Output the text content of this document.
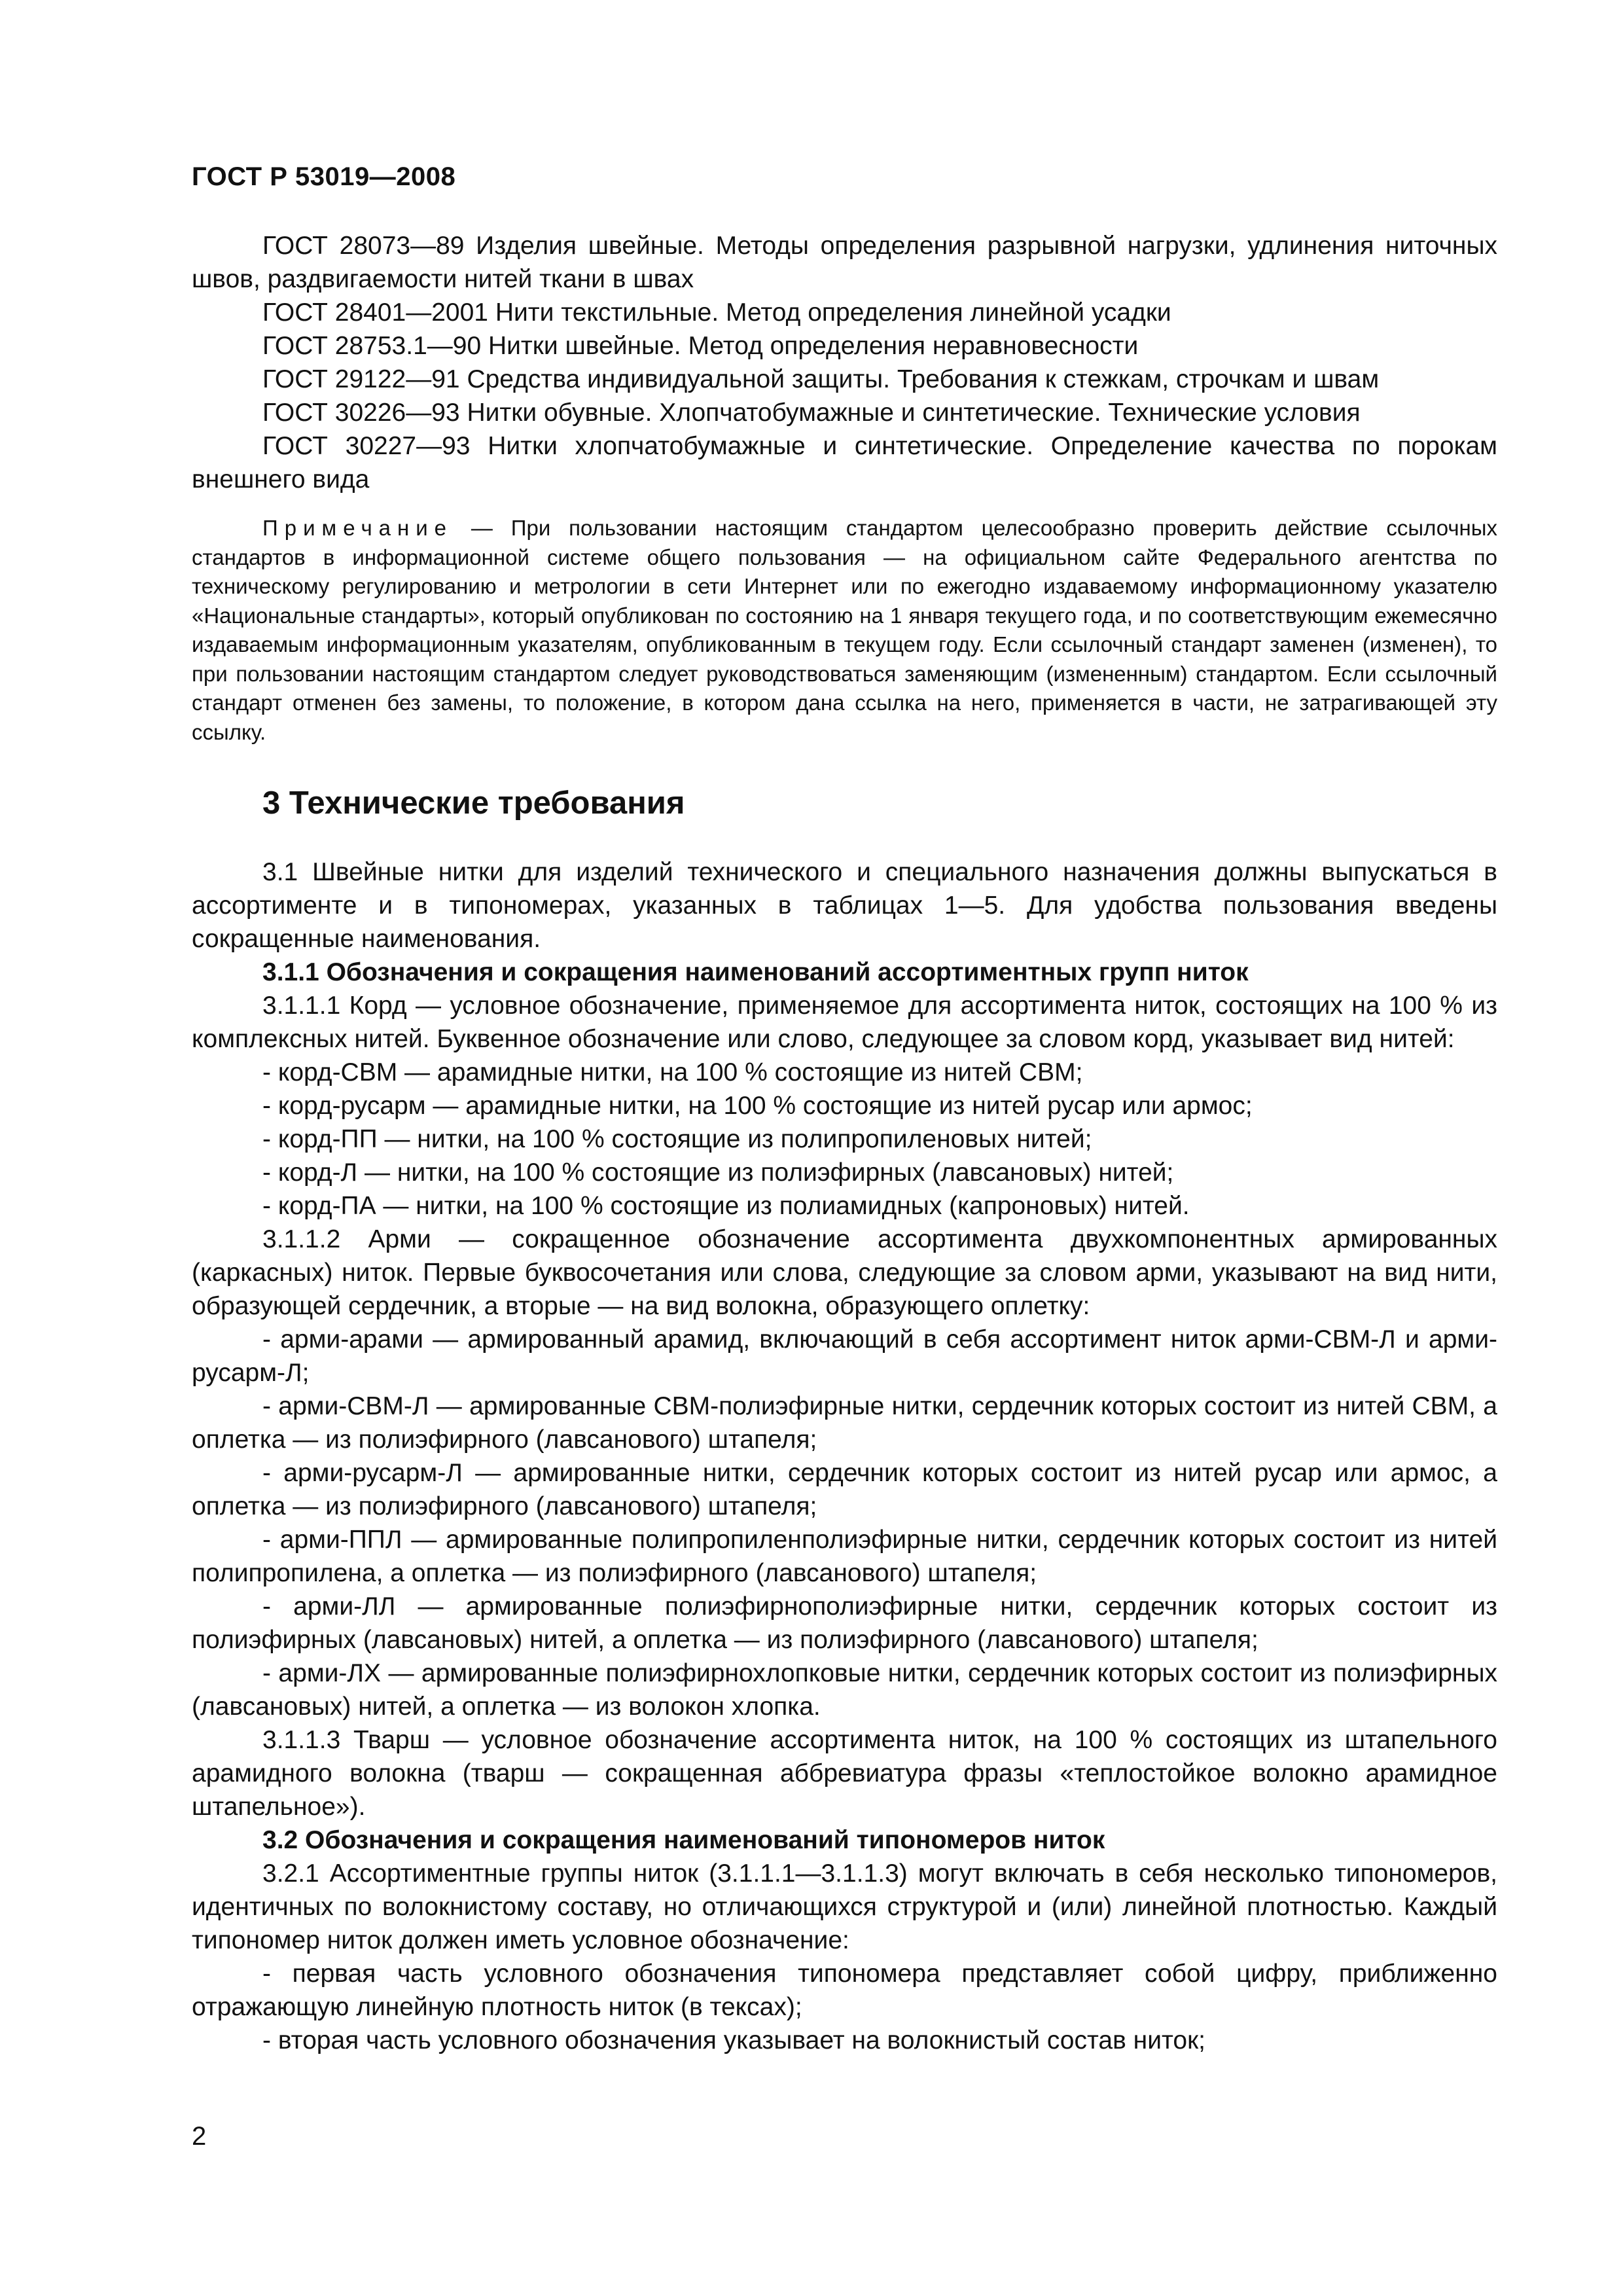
ГОСТ Р 53019—2008

ГОСТ 28073—89 Изделия швейные. Методы определения разрывной нагрузки, удлинения ниточных швов, раздвигаемости нитей ткани в швах

ГОСТ 28401—2001 Нити текстильные. Метод определения линейной усадки

ГОСТ 28753.1—90 Нитки швейные. Метод определения неравновесности

ГОСТ 29122—91 Средства индивидуальной защиты. Требования к стежкам, строчкам и швам

ГОСТ 30226—93 Нитки обувные. Хлопчатобумажные и синтетические. Технические условия

ГОСТ 30227—93 Нитки хлопчатобумажные и синтетические. Определение качества по порокам внешнего вида

Примечание — При пользовании настоящим стандартом целесообразно проверить действие ссылочных стандартов в информационной системе общего пользования — на официальном сайте Федерального агентства по техническому регулированию и метрологии в сети Интернет или по ежегодно издаваемому информационному указателю «Национальные стандарты», который опубликован по состоянию на 1 января текущего года, и по соответствующим ежемесячно издаваемым информационным указателям, опубликованным в текущем году. Если ссылочный стандарт заменен (изменен), то при пользовании настоящим стандартом следует руководствоваться заменяющим (измененным) стандартом. Если ссылочный стандарт отменен без замены, то положение, в котором дана ссылка на него, применяется в части, не затрагивающей эту ссылку.

3 Технические требования

3.1 Швейные нитки для изделий технического и специального назначения должны выпускаться в ассортименте и в типономерах, указанных в таблицах 1—5. Для удобства пользования введены сокращенные наименования.

3.1.1 Обозначения и сокращения наименований ассортиментных групп ниток

3.1.1.1 Корд — условное обозначение, применяемое для ассортимента ниток, состоящих на 100 % из комплексных нитей. Буквенное обозначение или слово, следующее за словом корд, указывает вид нитей:

- корд-СВМ — арамидные нитки, на 100 % состоящие из нитей СВМ;

- корд-русарм — арамидные нитки, на 100 % состоящие из нитей русар или армос;

- корд-ПП — нитки, на 100 % состоящие из полипропиленовых нитей;

- корд-Л — нитки, на 100 % состоящие из полиэфирных (лавсановых) нитей;

- корд-ПА — нитки, на 100 % состоящие из полиамидных (капроновых) нитей.

3.1.1.2 Арми — сокращенное обозначение ассортимента двухкомпонентных армированных (каркасных) ниток. Первые буквосочетания или слова, следующие за словом арми, указывают на вид нити, образующей сердечник, а вторые — на вид волокна, образующего оплетку:

- арми-арами — армированный арамид, включающий в себя ассортимент ниток арми-СВМ-Л и арми-русарм-Л;

- арми-СВМ-Л — армированные СВМ-полиэфирные нитки, сердечник которых состоит из нитей СВМ, а оплетка — из полиэфирного (лавсанового) штапеля;

- арми-русарм-Л — армированные нитки, сердечник которых состоит из нитей русар или армос, а оплетка — из полиэфирного (лавсанового) штапеля;

- арми-ППЛ — армированные полипропиленполиэфирные нитки, сердечник которых состоит из нитей полипропилена, а оплетка — из полиэфирного (лавсанового) штапеля;

- арми-ЛЛ — армированные полиэфирнополиэфирные нитки, сердечник которых состоит из полиэфирных (лавсановых) нитей, а оплетка — из полиэфирного (лавсанового) штапеля;

- арми-ЛХ — армированные полиэфирнохлопковые нитки, сердечник которых состоит из полиэфирных (лавсановых) нитей, а оплетка — из волокон хлопка.

3.1.1.3 Тварш — условное обозначение ассортимента ниток, на 100 % состоящих из штапельного арамидного волокна (тварш — сокращенная аббревиатура фразы «теплостойкое волокно арамидное штапельное»).

3.2 Обозначения и сокращения наименований типономеров ниток

3.2.1 Ассортиментные группы ниток (3.1.1.1—3.1.1.3) могут включать в себя несколько типономеров, идентичных по волокнистому составу, но отличающихся структурой и (или) линейной плотностью. Каждый типономер ниток должен иметь условное обозначение:

- первая часть условного обозначения типономера представляет собой цифру, приближенно отражающую линейную плотность ниток (в тексах);

- вторая часть условного обозначения указывает на волокнистый состав ниток;

2
